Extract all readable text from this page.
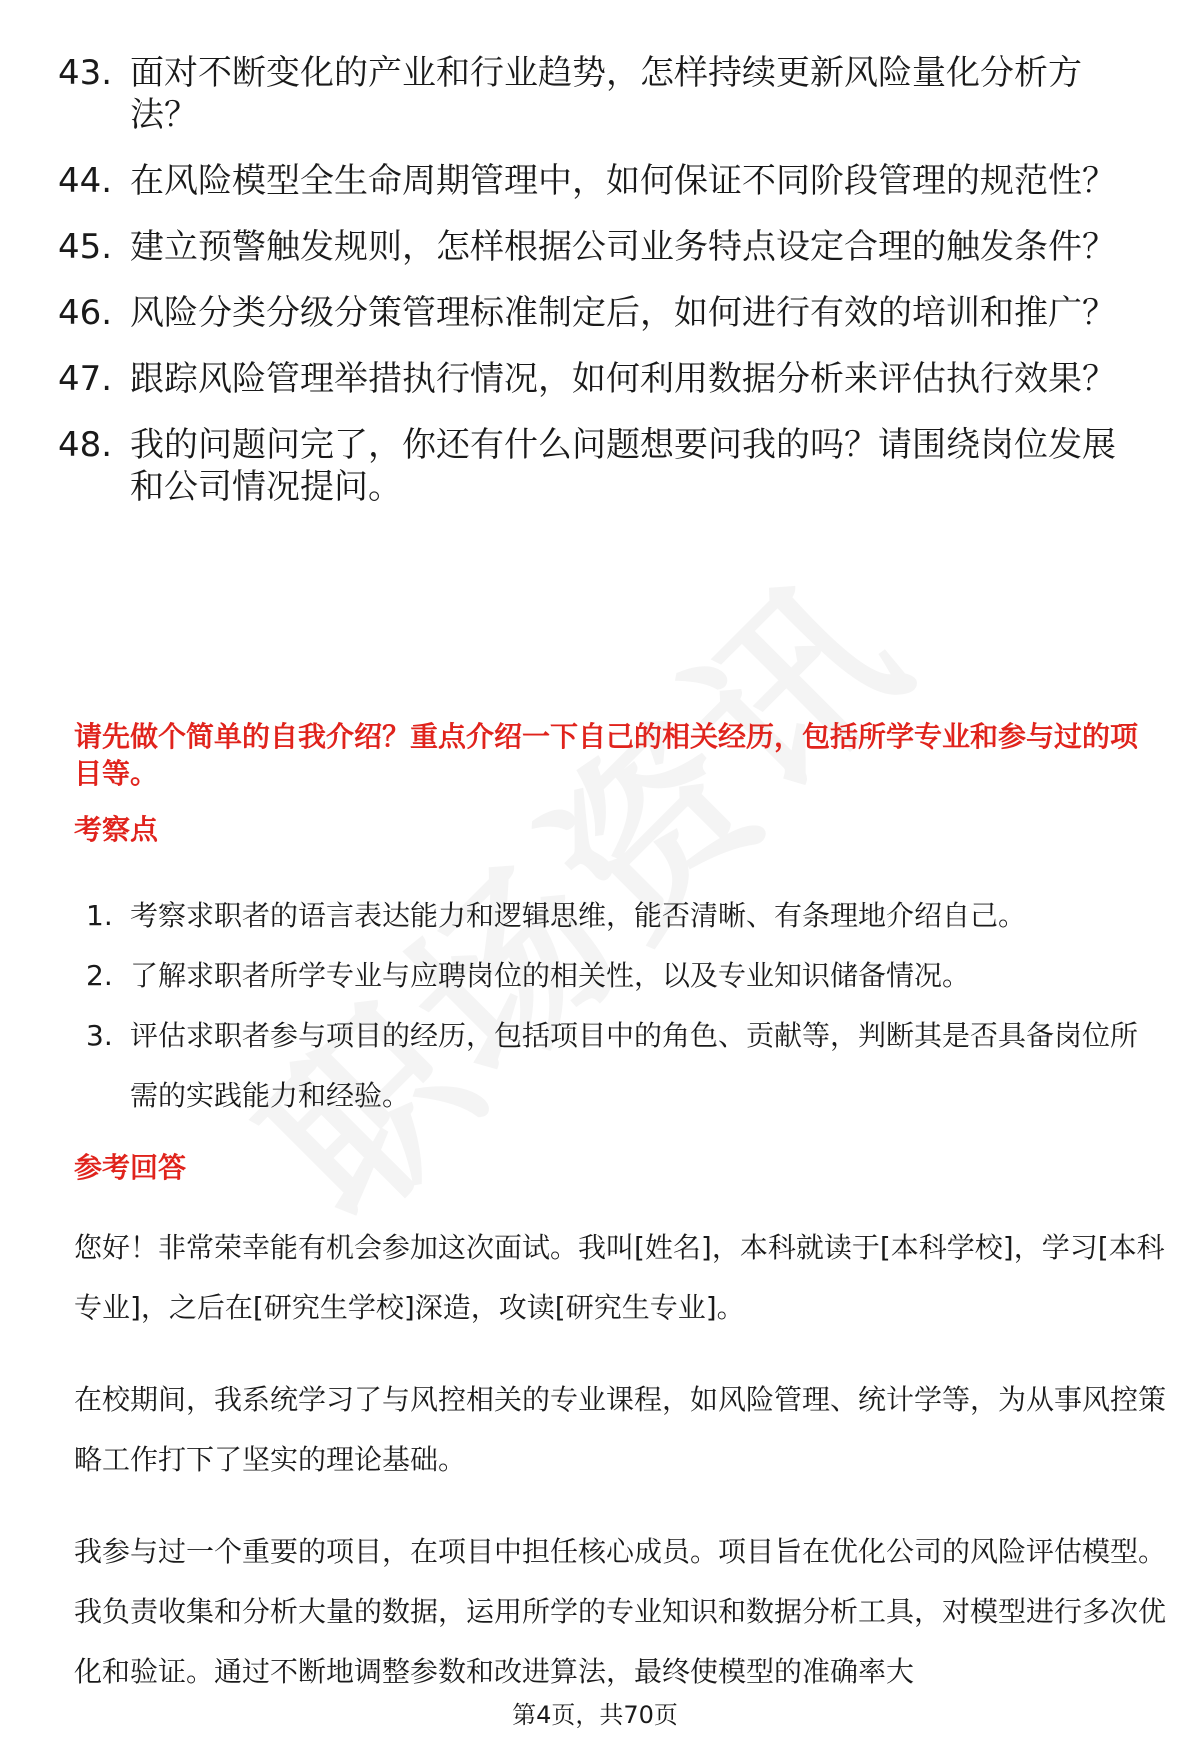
43. 面对不断变化的产业和行业趋势，怎样持续更新风险量化分析方法？
44. 在风险模型全生命周期管理中，如何保证不同阶段管理的规范性？
45. 建立预警触发规则，怎样根据公司业务特点设定合理的触发条件？
46. 风险分类分级分策管理标准制定后，如何进行有效的培训和推广？
47. 跟踪风险管理举措执行情况，如何利用数据分析来评估执行效果？
48. 我的问题问完了，你还有什么问题想要问我的吗？请围绕岗位发展和公司情况提问。
请先做个简单的自我介绍？重点介绍一下自己的相关经历，包括所学专业和参与过的项目等。
考察点
1. 考察求职者的语言表达能力和逻辑思维，能否清晰、有条理地介绍自己。
2. 了解求职者所学专业与应聘岗位的相关性，以及专业知识储备情况。
3. 评估求职者参与项目的经历，包括项目中的角色、贡献等，判断其是否具备岗位所需的实践能力和经验。
参考回答
您好！非常荣幸能有机会参加这次面试。我叫[姓名]，本科就读于[本科学校]，学习[本科专业]，之后在[研究生学校]深造，攻读[研究生专业]。
在校期间，我系统学习了与风控相关的专业课程，如风险管理、统计学等，为从事风控策略工作打下了坚实的理论基础。
我参与过一个重要的项目，在项目中担任核心成员。项目旨在优化公司的风险评估模型。我负责收集和分析大量的数据，运用所学的专业知识和数据分析工具，对模型进行多次优化和验证。通过不断地调整参数和改进算法，最终使模型的准确率大
第4页，共70页
